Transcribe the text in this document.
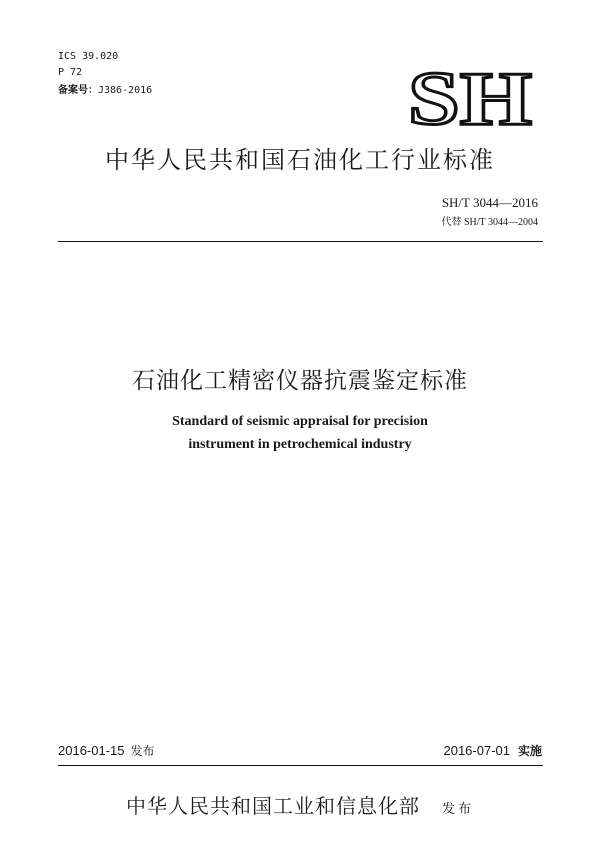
ICS 39.020
P 72
备案号：J386-2016	SH
中华人民共和国石油化工行业标准
SH/T 3044—2016
代替 SH/T 3044—2004
石油化工精密仪器抗震鉴定标准
Standard of seismic appraisal for precision
instrument in petrochemical industry
2016-01-15 发布	2016-07-01 实施
中华人民共和国工业和信息化部 发布
